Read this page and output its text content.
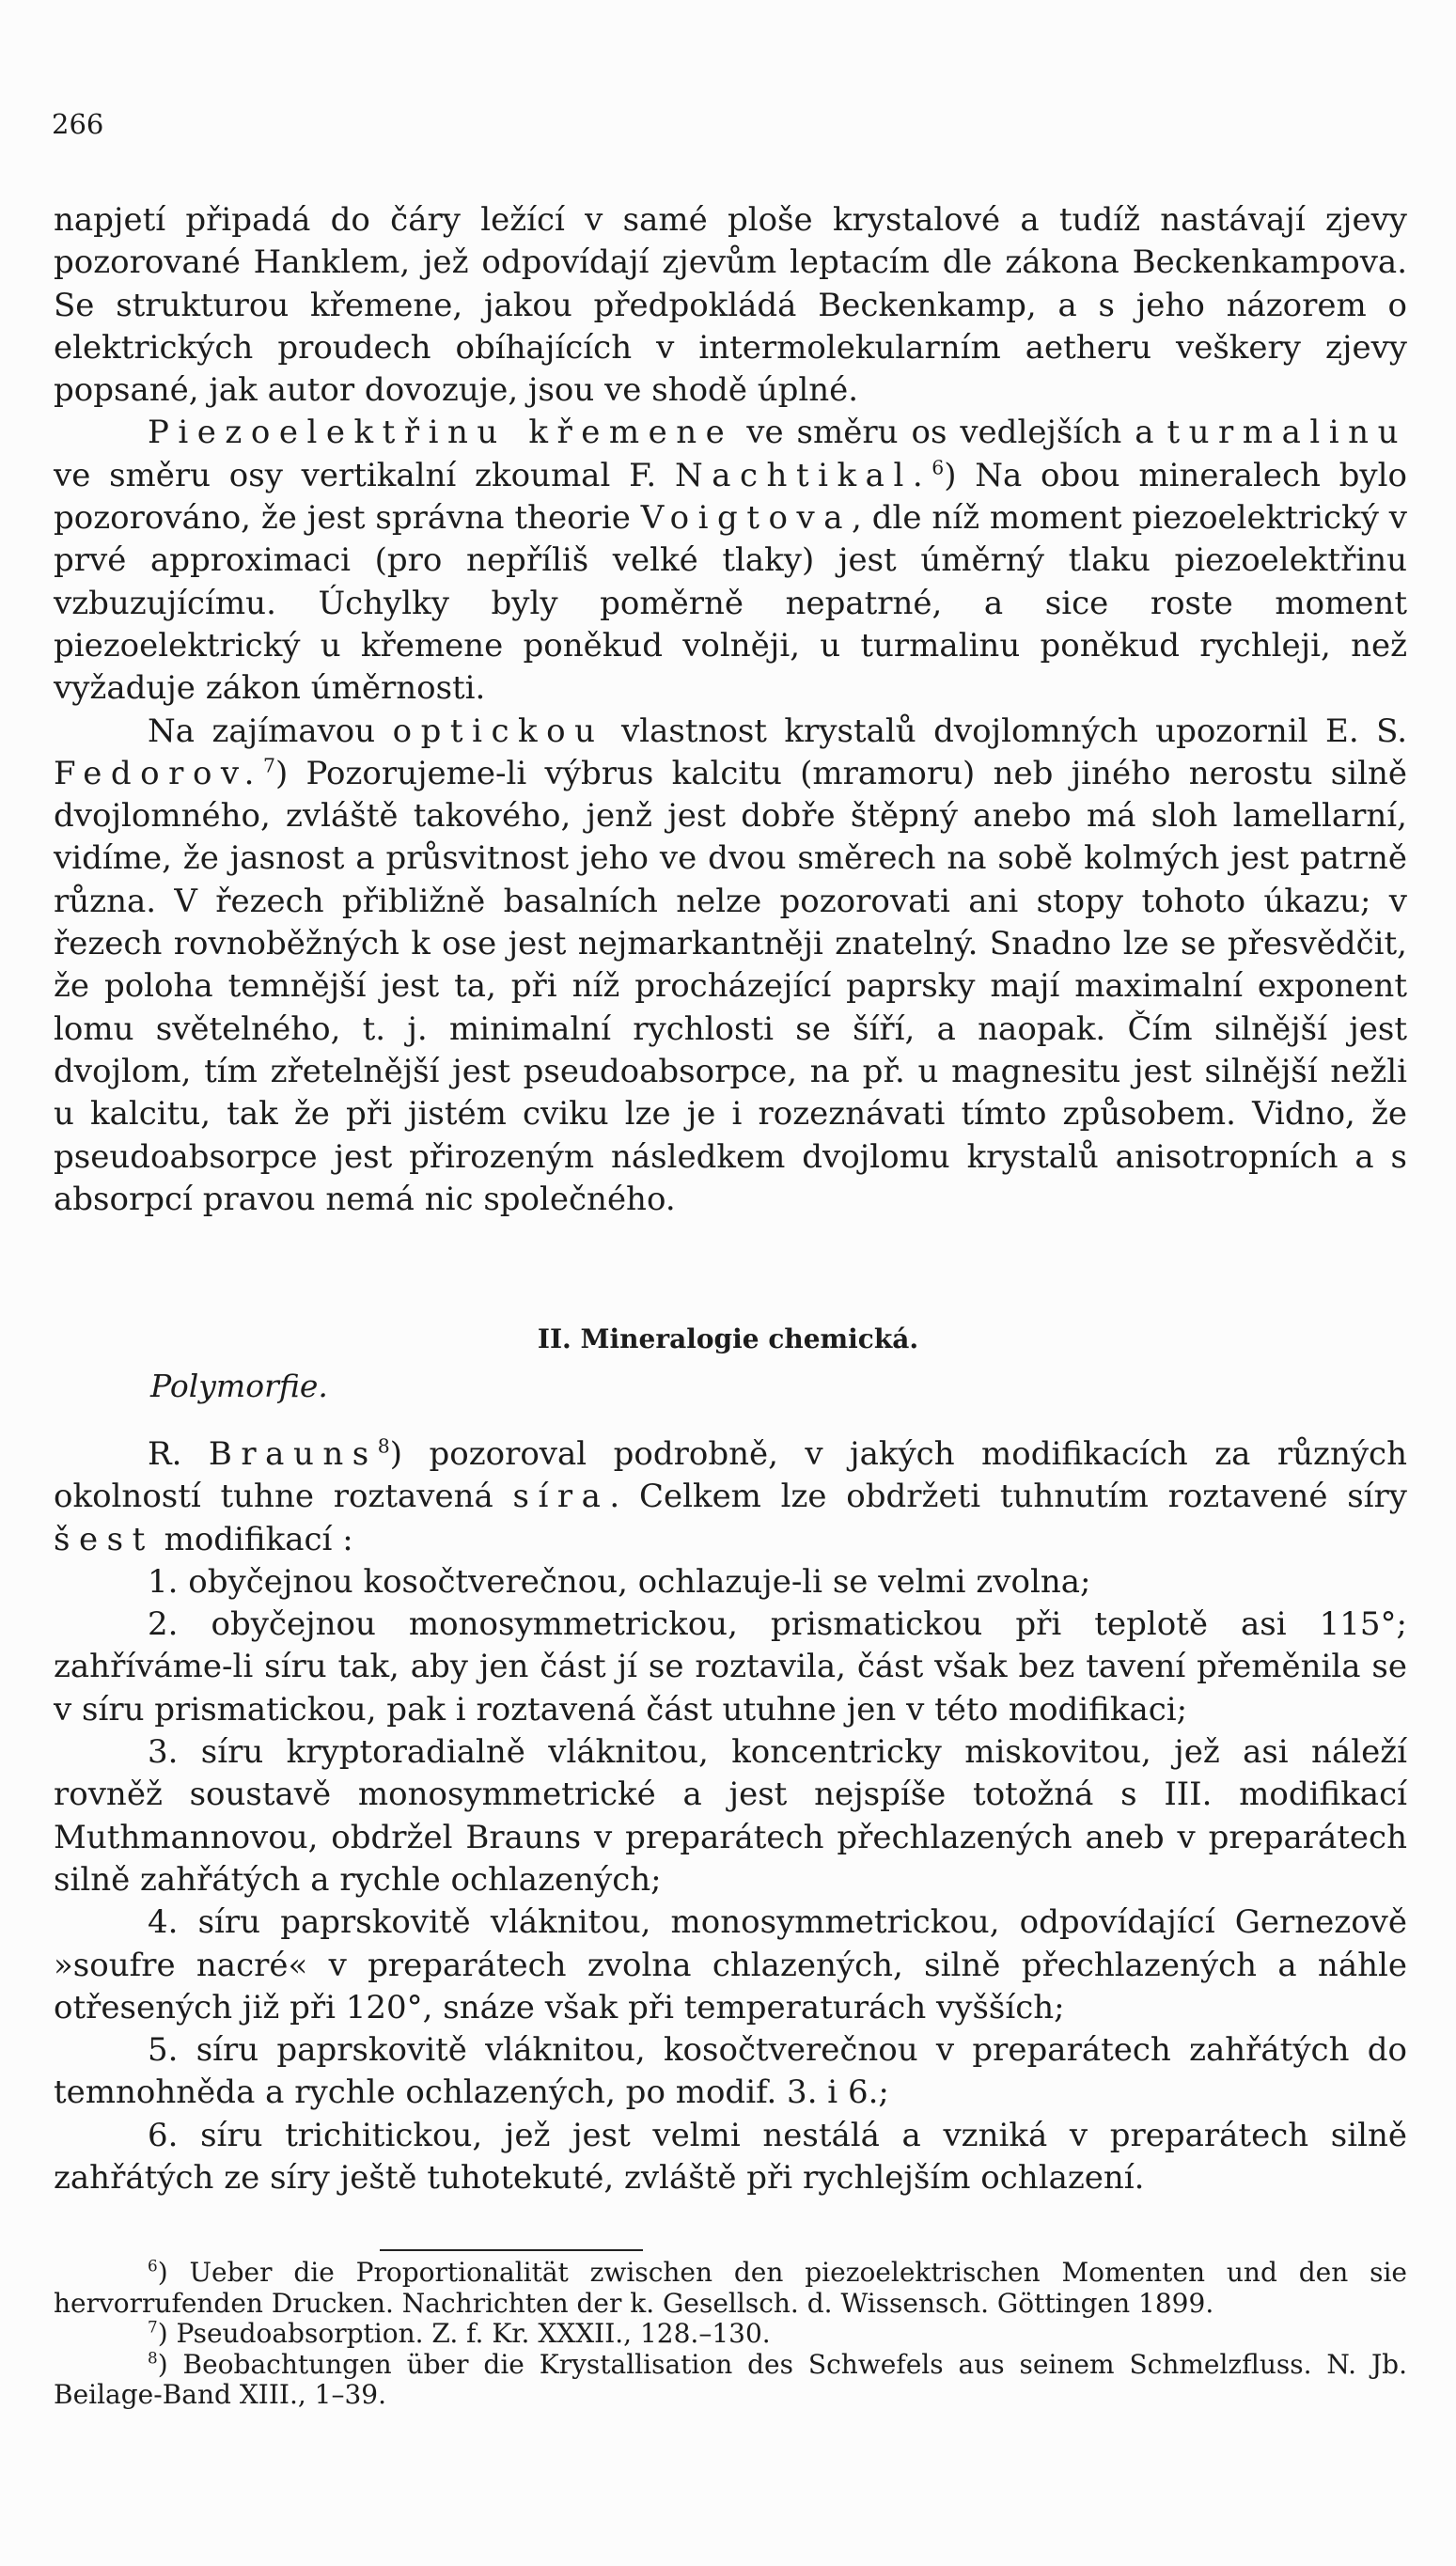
266

napjetí připadá do čáry ležící v samé ploše krystalové a tudíž nastávají zjevy pozorované Hanklem, jež odpovídají zjevům leptacím dle zákona Beckenkampova. Se strukturou křemene, jakou předpokládá Beckenkamp, a s jeho názorem o elektrických proudech obíhajících v intermolekularním aetheru veškery zjevy popsané, jak autor dovozuje, jsou ve shodě úplné.

Piezoelektřinu křemene ve směru os vedlejších a turmalinu ve směru osy vertikalní zkoumal F. Nachtikal.$^6$) Na obou mineralech bylo pozorováno, že jest správna theorie Voigtova, dle níž moment piezoelektrický v prvé approximaci (pro nepříliš velké tlaky) jest úměrný tlaku piezoelektřinu vzbuzujícímu. Úchylky byly poměrně nepatrné, a sice roste moment piezoelektrický u křemene poněkud volněji, u turmalinu poněkud rychleji, než vyžaduje zákon úměrnosti.

Na zajímavou optickou vlastnost krystalů dvojlomných upozornil E. S. Fedorov.$^7$) Pozorujeme-li výbrus kalcitu (mramoru) neb jiného nerostu silně dvojlomného, zvláště takového, jenž jest dobře štěpný anebo má sloh lamellarní, vidíme, že jasnost a průsvitnost jeho ve dvou směrech na sobě kolmých jest patrně různa. V řezech přibližně basalních nelze pozorovati ani stopy tohoto úkazu; v řezech rovnoběžných k ose jest nejmarkantněji znatelný. Snadno lze se přesvědčit, že poloha temnější jest ta, při níž procházející paprsky mají maximalní exponent lomu světelného, t. j. minimalní rychlosti se šíří, a naopak. Čím silnější jest dvojlom, tím zřetelnější jest pseudoabsorpce, na př. u magnesitu jest silnější nežli u kalcitu, tak že při jistém cviku lze je i rozeznávati tímto způsobem. Vidno, že pseudoabsorpce jest přirozeným následkem dvojlomu krystalů anisotropních a s absorpcí pravou nemá nic společného.

II. Mineralogie chemická.
Polymorfie.

R. Brauns$^8$) pozoroval podrobně, v jakých modifikacích za různých okolností tuhne roztavená síra. Celkem lze obdržeti tuhnutím roztavené síry šest modifikací :

1. obyčejnou kosočtverečnou, ochlazuje-li se velmi zvolna;

2. obyčejnou monosymmetrickou, prismatickou při teplotě asi 115°; zahříváme-li síru tak, aby jen část jí se roztavila, část však bez tavení přeměnila se v síru prismatickou, pak i roztavená část utuhne jen v této modifikaci;

3. síru kryptoradialně vláknitou, koncentricky miskovitou, jež asi náleží rovněž soustavě monosymmetrické a jest nejspíše totožná s III. modifikací Muthmannovou, obdržel Brauns v preparátech přechlazených aneb v preparátech silně zahřátých a rychle ochlazených;

4. síru paprskovitě vláknitou, monosymmetrickou, odpovídající Gernezově »soufre nacré« v preparátech zvolna chlazených, silně přechlazených a náhle otřesených již při 120°, snáze však při temperaturách vyšších;

5. síru paprskovitě vláknitou, kosočtverečnou v preparátech zahřátých do temnohněda a rychle ochlazených, po modif. 3. i 6.;

6. síru trichitickou, jež jest velmi nestálá a vzniká v preparátech silně zahřátých ze síry ještě tuhotekuté, zvláště při rychlejším ochlazení.

$^6$) Ueber die Proportionalität zwischen den piezoelektrischen Momenten und den sie hervorrufenden Drucken. Nachrichten der k. Gesellsch. d. Wissensch. Göttingen 1899.

$^7$) Pseudoabsorption. Z. f. Kr. XXXII., 128.–130.

$^8$) Beobachtungen über die Krystallisation des Schwefels aus seinem Schmelzfluss. N. Jb. Beilage-Band XIII., 1–39.
